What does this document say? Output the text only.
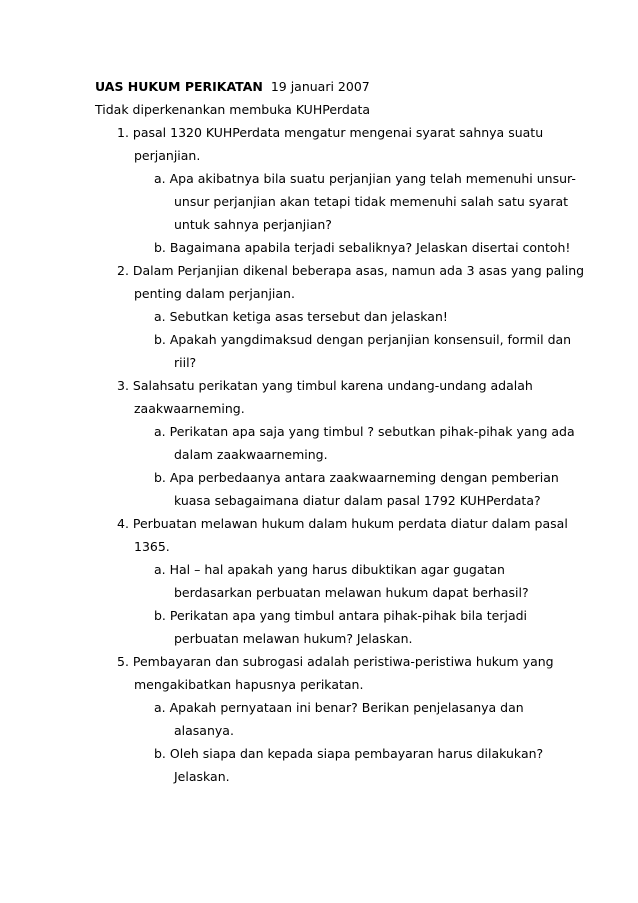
UAS HUKUM PERIKATAN 19 januari 2007
Tidak diperkenankan membuka KUHPerdata
1. pasal 1320 KUHPerdata mengatur mengenai syarat sahnya suatu
perjanjian.
a. Apa akibatnya bila suatu perjanjian yang telah memenuhi unsur-
unsur perjanjian akan tetapi tidak memenuhi salah satu syarat
untuk sahnya perjanjian?
b. Bagaimana apabila terjadi sebaliknya? Jelaskan disertai contoh!
2. Dalam Perjanjian dikenal beberapa asas, namun ada 3 asas yang paling
penting dalam perjanjian.
a. Sebutkan ketiga asas tersebut dan jelaskan!
b. Apakah yangdimaksud dengan perjanjian konsensuil, formil dan
riil?
3. Salahsatu perikatan yang timbul karena undang-undang adalah
zaakwaarneming.
a. Perikatan apa saja yang timbul ? sebutkan pihak-pihak yang ada
dalam zaakwaarneming.
b. Apa perbedaanya antara zaakwaarneming dengan pemberian
kuasa sebagaimana diatur dalam pasal 1792 KUHPerdata?
4. Perbuatan melawan hukum dalam hukum perdata diatur dalam pasal
1365.
a. Hal – hal apakah yang harus dibuktikan agar gugatan
berdasarkan perbuatan melawan hukum dapat berhasil?
b. Perikatan apa yang timbul antara pihak-pihak bila terjadi
perbuatan melawan hukum? Jelaskan.
5. Pembayaran dan subrogasi adalah peristiwa-peristiwa hukum yang
mengakibatkan hapusnya perikatan.
a. Apakah pernyataan ini benar? Berikan penjelasanya dan
alasanya.
b. Oleh siapa dan kepada siapa pembayaran harus dilakukan?
Jelaskan.
